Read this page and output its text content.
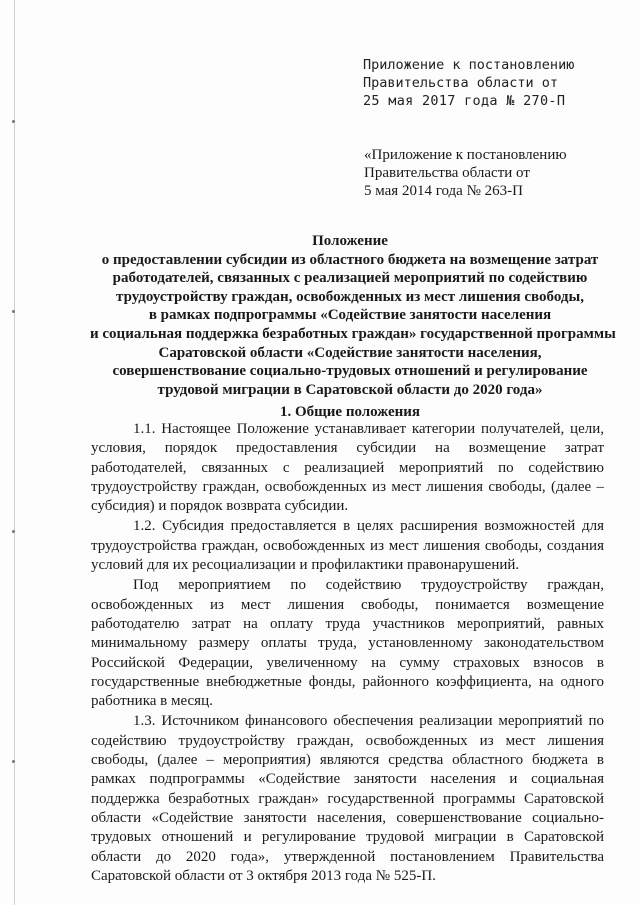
Приложение к постановлению
Правительства области от
25 мая 2017 года № 270-П
«Приложение к постановлению
Правительства области от
5 мая 2014 года № 263-П
Положение
о предоставлении субсидии из областного бюджета на возмещение затрат
работодателей, связанных с реализацией мероприятий по содействию
трудоустройству граждан, освобожденных из мест лишения свободы,
в рамках подпрограммы «Содействие занятости населения
и социальная поддержка безработных граждан» государственной программы
Саратовской области «Содействие занятости населения,
совершенствование социально-трудовых отношений и регулирование
трудовой миграции в Саратовской области до 2020 года»
1. Общие положения

1.1. Настоящее Положение устанавливает категории получателей, цели, условия, порядок предоставления субсидии на возмещение затрат работодателей, связанных с реализацией мероприятий по содействию трудоустройству граждан, освобожденных из мест лишения свободы, (далее – субсидия) и порядок возврата субсидии.

1.2. Субсидия предоставляется в целях расширения возможностей для трудоустройства граждан, освобожденных из мест лишения свободы, создания условий для их ресоциализации и профилактики правонарушений.

Под мероприятием по содействию трудоустройству граждан, освобожденных из мест лишения свободы, понимается возмещение работодателю затрат на оплату труда участников мероприятий, равных минимальному размеру оплаты труда, установленному законодательством Российской Федерации, увеличенному на сумму страховых взносов в государственные внебюджетные фонды, районного коэффициента, на одного работника в месяц.

1.3. Источником финансового обеспечения реализации мероприятий по содействию трудоустройству граждан, освобожденных из мест лишения свободы, (далее – мероприятия) являются средства областного бюджета в рамках подпрограммы «Содействие занятости населения и социальная поддержка безработных граждан» государственной программы Саратовской области «Содействие занятости населения, совершенствование социально-трудовых отношений и регулирование трудовой миграции в Саратовской области до 2020 года», утвержденной постановлением Правительства Саратовской области от 3 октября 2013 года № 525-П.
